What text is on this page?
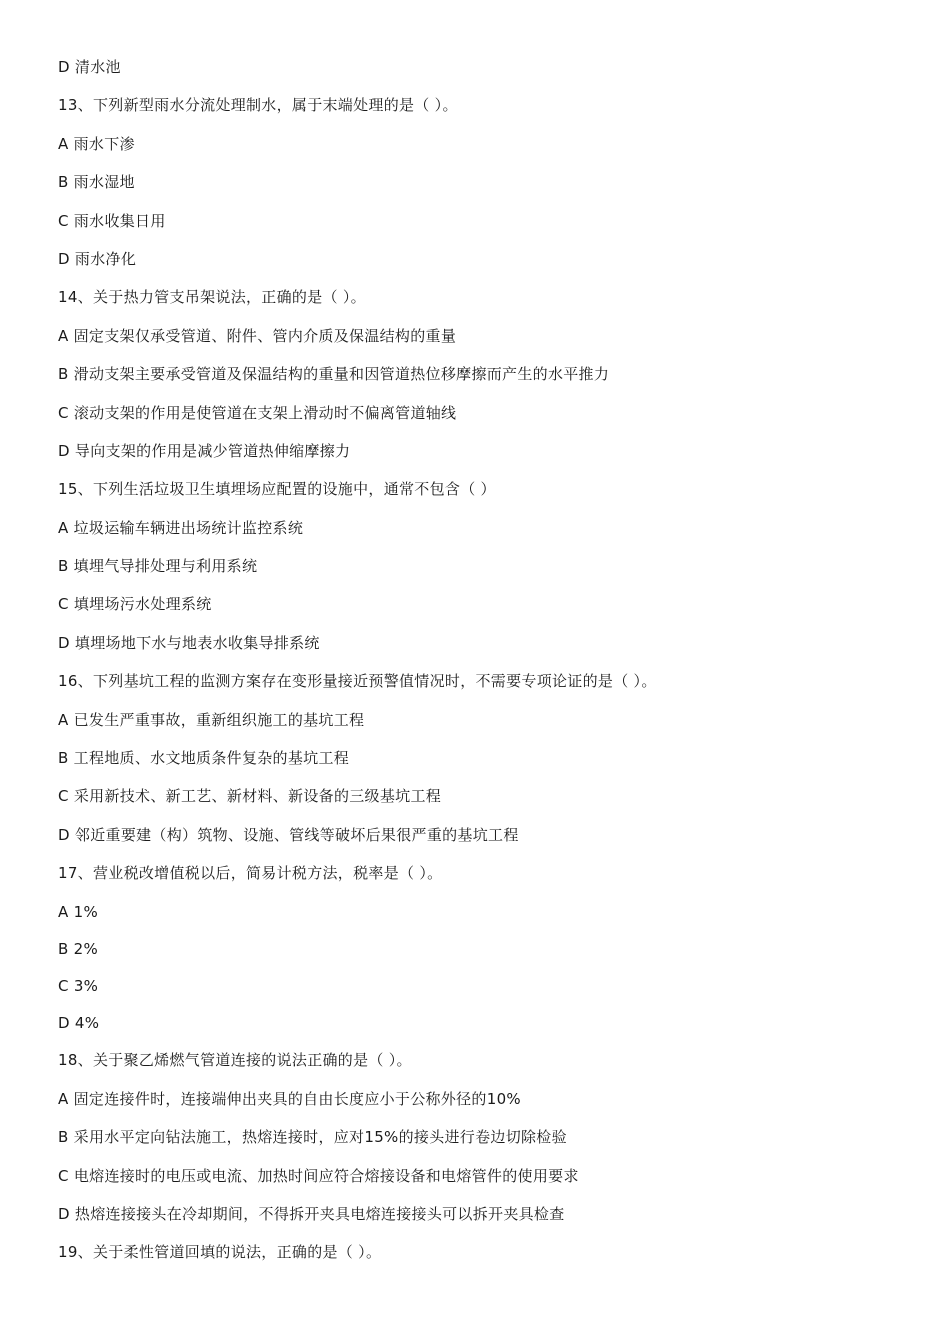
D 清水池
13、下列新型雨水分流处理制水，属于末端处理的是（ ）。
A 雨水下渗
B 雨水湿地
C 雨水收集日用
D 雨水净化
14、关于热力管支吊架说法，正确的是（ ）。
A 固定支架仅承受管道、附件、管内介质及保温结构的重量
B 滑动支架主要承受管道及保温结构的重量和因管道热位移摩擦而产生的水平推力
C 滚动支架的作用是使管道在支架上滑动时不偏离管道轴线
D 导向支架的作用是减少管道热伸缩摩擦力
15、下列生活垃圾卫生填埋场应配置的设施中，通常不包含（ ）
A 垃圾运输车辆进出场统计监控系统
B 填埋气导排处理与利用系统
C 填埋场污水处理系统
D 填埋场地下水与地表水收集导排系统
16、下列基坑工程的监测方案存在变形量接近预警值情况时，不需要专项论证的是（ ）。
A 已发生严重事故，重新组织施工的基坑工程
B 工程地质、水文地质条件复杂的基坑工程
C 采用新技术、新工艺、新材料、新设备的三级基坑工程
D 邻近重要建（构）筑物、设施、管线等破坏后果很严重的基坑工程
17、营业税改增值税以后，简易计税方法，税率是（ ）。
A 1%
B 2%
C 3%
D 4%
18、关于聚乙烯燃气管道连接的说法正确的是（ ）。
A 固定连接件时，连接端伸出夹具的自由长度应小于公称外径的10%
B 采用水平定向钻法施工，热熔连接时，应对15%的接头进行卷边切除检验
C 电熔连接时的电压或电流、加热时间应符合熔接设备和电熔管件的使用要求
D 热熔连接接头在冷却期间，不得拆开夹具电熔连接接头可以拆开夹具检查
19、关于柔性管道回填的说法，正确的是（ ）。
